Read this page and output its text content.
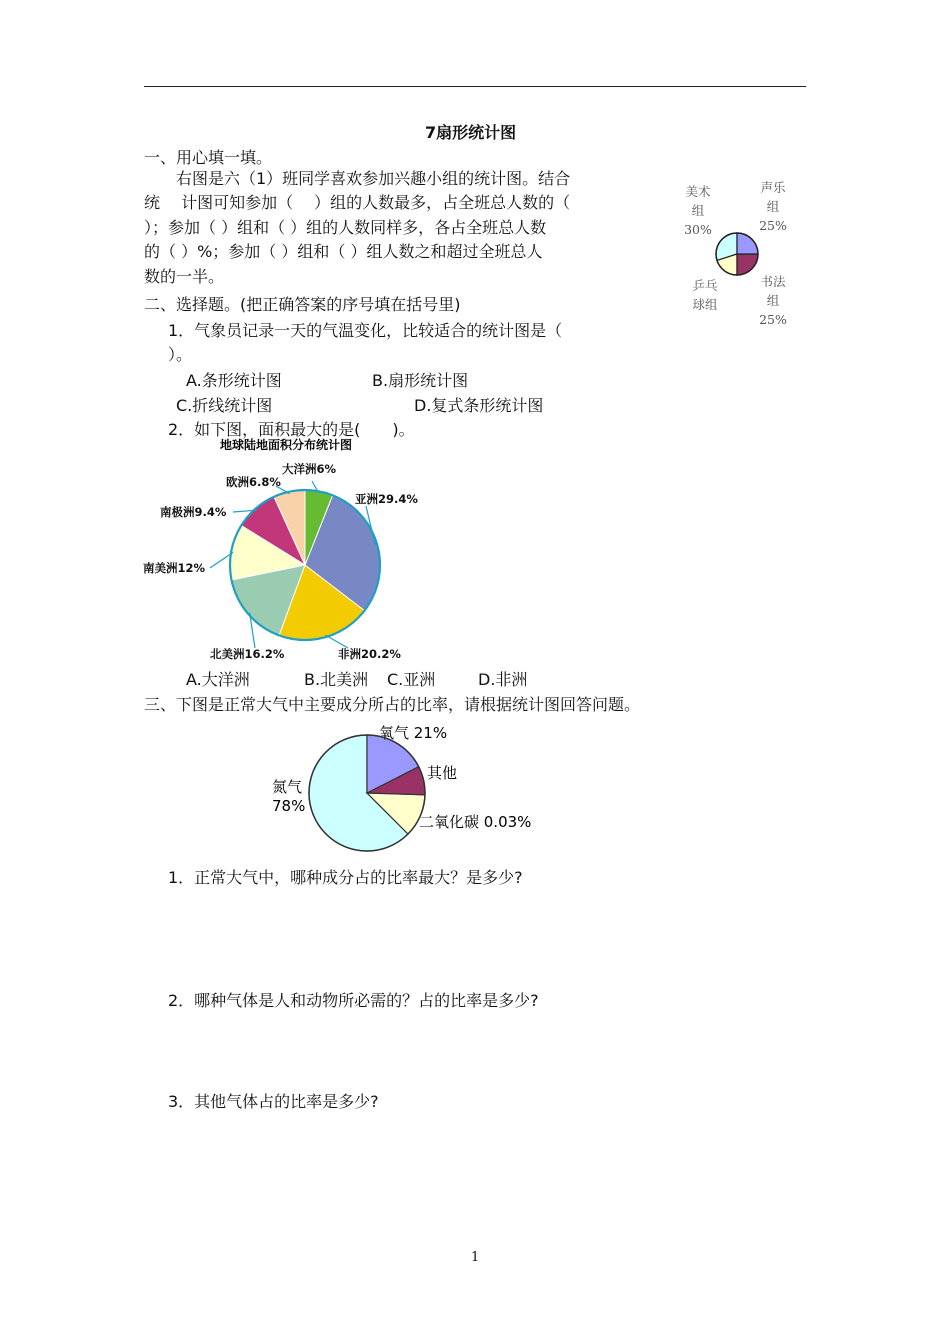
7扇形统计图
一、用心填一填。
右图是六（1）班同学喜欢参加兴趣小组的统计图。结合
统　 计图可知参加（　 ）组的人数最多，占全班总人数的（
）；参加（ ）组和（ ）组的人数同样多，各占全班总人数
的（ ）%；参加（ ）组和（ ）组人数之和超过全班总人
数的一半。
美术
组
30%
声乐
组
25%
乒乓
球组
书法
组
25%
二、选择题。(把正确答案的序号填在括号里)
1．气象员记录一天的气温变化，比较适合的统计图是（
）。
A.条形统计图	B.扇形统计图
C.折线统计图	D.复式条形统计图
2．如下图，面积最大的是(　　)。
地球陆地面积分布统计图
大洋洲6%
亚洲29.4%
非洲20.2%
北美洲16.2%
南美洲12%
南极洲9.4%
欧洲6.8%
A.大洋洲	B.北美洲 C.亚洲	D.非洲
三、下图是正常大气中主要成分所占的比率，请根据统计图回答问题。
氧气 21%
其他
二氧化碳 0.03%
氮气
78%
1．正常大气中，哪种成分占的比率最大？是多少?
2．哪种气体是人和动物所必需的？占的比率是多少?
3．其他气体占的比率是多少?
1
